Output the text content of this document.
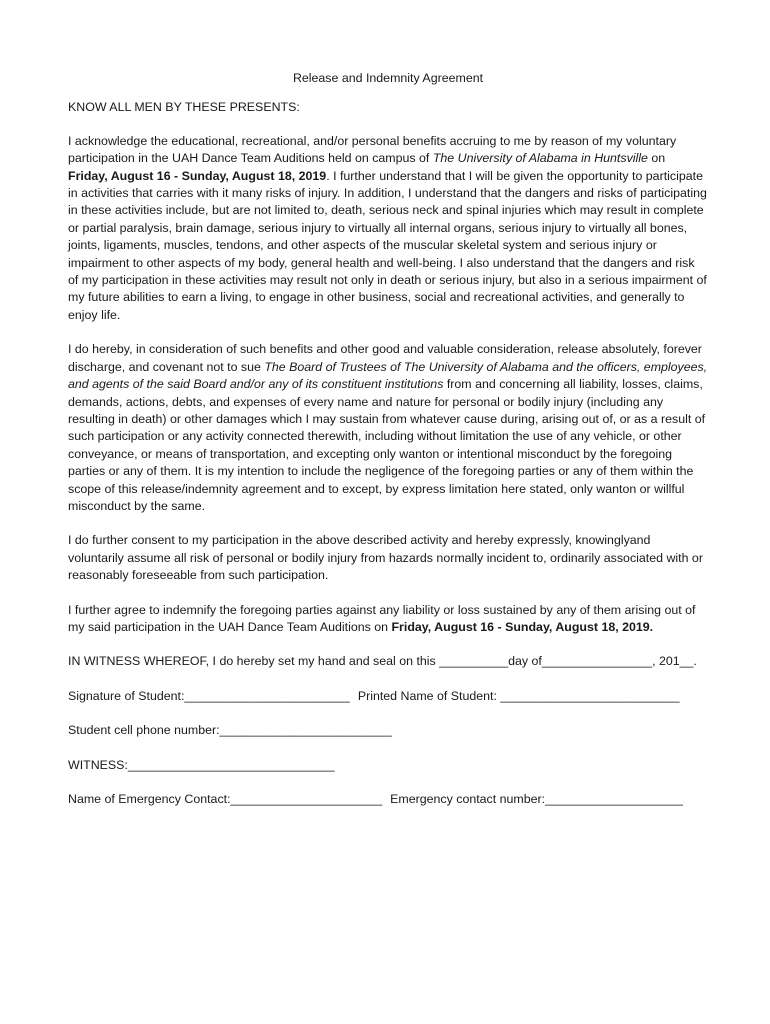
Release and Indemnity Agreement
KNOW ALL MEN BY THESE PRESENTS:

I acknowledge the educational, recreational, and/or personal benefits accruing to me by reason of my voluntary participation in the UAH Dance Team Auditions held on campus of The University of Alabama in Huntsville on Friday, August 16 - Sunday, August 18, 2019. I further understand that I will be given the opportunity to participate in activities that carries with it many risks of injury. In addition, I understand that the dangers and risks of participating in these activities include, but are not limited to, death, serious neck and spinal injuries which may result in complete or partial paralysis, brain damage, serious injury to virtually all internal organs, serious injury to virtually all bones, joints, ligaments, muscles, tendons, and other aspects of the muscular skeletal system and serious injury or impairment to other aspects of my body, general health and well-being. I also understand that the dangers and risk of my participation in these activities may result not only in death or serious injury, but also in a serious impairment of my future abilities to earn a living, to engage in other business, social and recreational activities, and generally to enjoy life.

I do hereby, in consideration of such benefits and other good and valuable consideration, release absolutely, forever discharge, and covenant not to sue The Board of Trustees of The University of Alabama and the officers, employees, and agents of the said Board and/or any of its constituent institutions from and concerning all liability, losses, claims, demands, actions, debts, and expenses of every name and nature for personal or bodily injury (including any resulting in death) or other damages which I may sustain from whatever cause during, arising out of, or as a result of such participation or any activity connected therewith, including without limitation the use of any vehicle, or other conveyance, or means of transportation, and excepting only wanton or intentional misconduct by the foregoing parties or any of them. It is my intention to include the negligence of the foregoing parties or any of them within the scope of this release/indemnity agreement and to except, by express limitation here stated, only wanton or willful misconduct by the same.

I do further consent to my participation in the above described activity and hereby expressly, knowinglyand voluntarily assume all risk of personal or bodily injury from hazards normally incident to, ordinarily associated with or reasonably foreseeable from such participation.

I further agree to indemnify the foregoing parties against any liability or loss sustained by any of them arising out of my said participation in the UAH Dance Team Auditions on Friday, August 16 - Sunday, August 18, 2019.

IN WITNESS WHEREOF, I do hereby set my hand and seal on this __________day of________________, 201__.
Signature of Student:________________________ Printed Name of Student: __________________________
Student cell phone number:_________________________
WITNESS:______________________________
Name of Emergency Contact:______________________ Emergency contact number:____________________
